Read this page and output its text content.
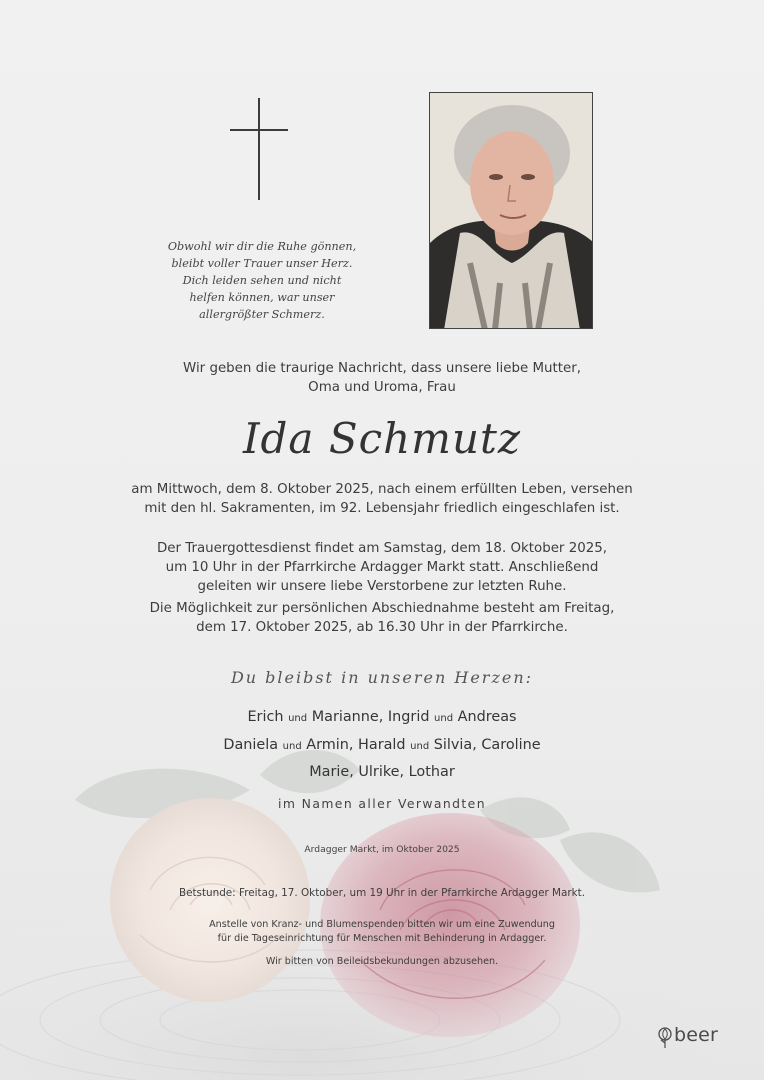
Obwohl wir dir die Ruhe gönnen,
bleibt voller Trauer unser Herz.
Dich leiden sehen und nicht
helfen können, war unser
allergrößter Schmerz.
Wir geben die traurige Nachricht, dass unsere liebe Mutter,
Oma und Uroma, Frau
Ida Schmutz
am Mittwoch, dem 8. Oktober 2025, nach einem erfüllten Leben, versehen
mit den hl. Sakramenten, im 92. Lebensjahr friedlich eingeschlafen ist.
Der Trauergottesdienst findet am Samstag, dem 18. Oktober 2025,
um 10 Uhr in der Pfarrkirche Ardagger Markt statt. Anschließend
geleiten wir unsere liebe Verstorbene zur letzten Ruhe.
Die Möglichkeit zur persönlichen Abschiednahme besteht am Freitag,
dem 17. Oktober 2025, ab 16.30 Uhr in der Pfarrkirche.
Du bleibst in unseren Herzen:
Erich und Marianne, Ingrid und Andreas
Daniela und Armin, Harald und Silvia, Caroline
Marie, Ulrike, Lothar
im Namen aller Verwandten
Ardagger Markt, im Oktober 2025
Betstunde: Freitag, 17. Oktober, um 19 Uhr in der Pfarrkirche Ardagger Markt.
Anstelle von Kranz- und Blumenspenden bitten wir um eine Zuwendung
für die Tageseinrichtung für Menschen mit Behinderung in Ardagger.
Wir bitten von Beileidsbekundungen abzusehen.
beer
